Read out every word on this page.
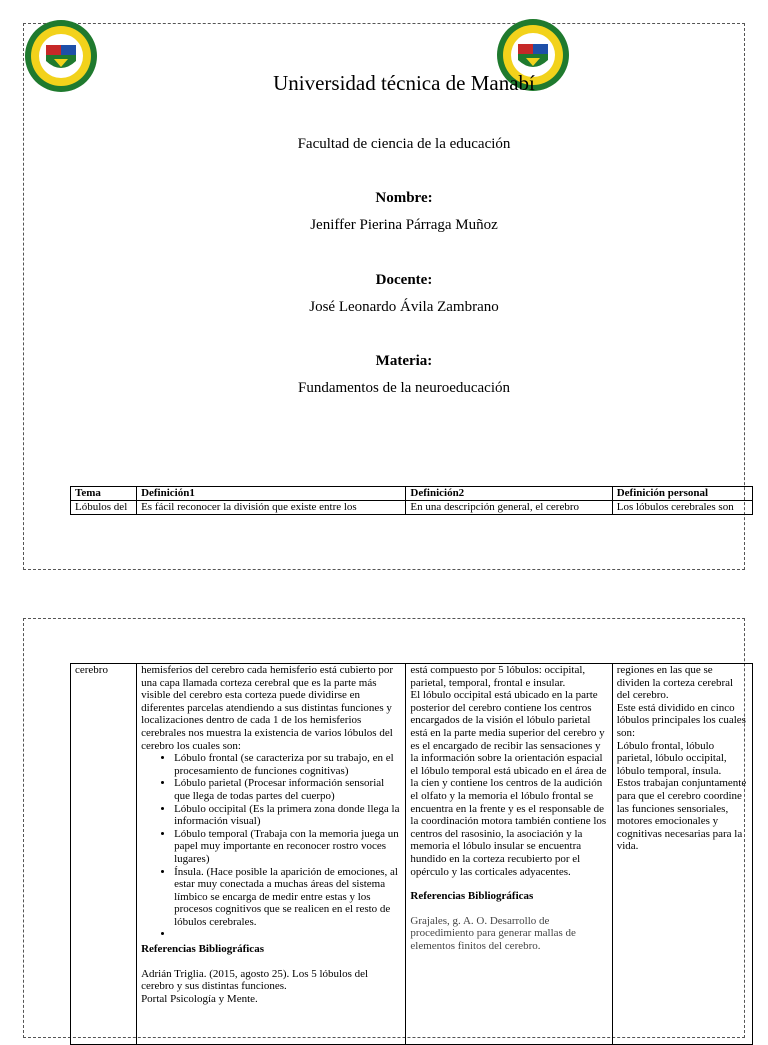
Universidad técnica de Manabí
Facultad de ciencia de la educación
Nombre:
Jeniffer Pierina Párraga Muñoz
Docente:
José Leonardo Ávila Zambrano
Materia:
Fundamentos de la neuroeducación
Tema	Definición1	Definición2	Definición personal
Lóbulos del	Es fácil reconocer la división que existe entre los	En una descripción general, el cerebro	Los lóbulos cerebrales son
cerebro	hemisferios del cerebro cada hemisferio está cubierto por una capa llamada corteza cerebral que es la parte más visible del cerebro esta corteza puede dividirse en diferentes parcelas atendiendo a sus distintas funciones y localizaciones dentro de cada 1 de los hemisferios cerebrales nos muestra la existencia de varios lóbulos del cerebro los cuales son:
• Lóbulo frontal (se caracteriza por su trabajo, en el procesamiento de funciones cognitivas)
• Lóbulo parietal (Procesar información sensorial que llega de todas partes del cuerpo)
• Lóbulo occipital (Es la primera zona donde llega la información visual)
• Lóbulo temporal (Trabaja con la memoria juega un papel muy importante en reconocer rostro voces lugares)
• Ínsula. (Hace posible la aparición de emociones, al estar muy conectada a muchas áreas del sistema límbico se encarga de medir entre estas y los procesos cognitivos que se realicen en el resto de lóbulos cerebrales.
•
Referencias Bibliográficas
Adrián Triglia. (2015, agosto 25). Los 5 lóbulos del cerebro y sus distintas funciones.
Portal Psicología y Mente.	está compuesto por 5 lóbulos: occipital, parietal, temporal, frontal e insular.
El lóbulo occipital está ubicado en la parte posterior del cerebro contiene los centros encargados de la visión el lóbulo parietal está en la parte media superior del cerebro y es el encargado de recibir las sensaciones y la información sobre la orientación espacial el lóbulo temporal está ubicado en el área de la cien y contiene los centros de la audición el olfato y la memoria el lóbulo frontal se encuentra en la frente y es el responsable de la coordinación motora también contiene los centros del rasosinio, la asociación y la memoria el lóbulo insular se encuentra hundido en la corteza recubierto por el opérculo y las corticales adyacentes.
Referencias Bibliográficas
Grajales, g. A. O. Desarrollo de procedimiento para generar mallas de elementos finitos del cerebro.	regiones en las que se dividen la corteza cerebral del cerebro.
Este está dividido en cinco lóbulos principales los cuales son:
Lóbulo frontal, lóbulo parietal, lóbulo occipital, lóbulo temporal, ínsula.
Estos trabajan conjuntamente para que el cerebro coordine las funciones sensoriales, motores emocionales y cognitivas necesarias para la vida.
